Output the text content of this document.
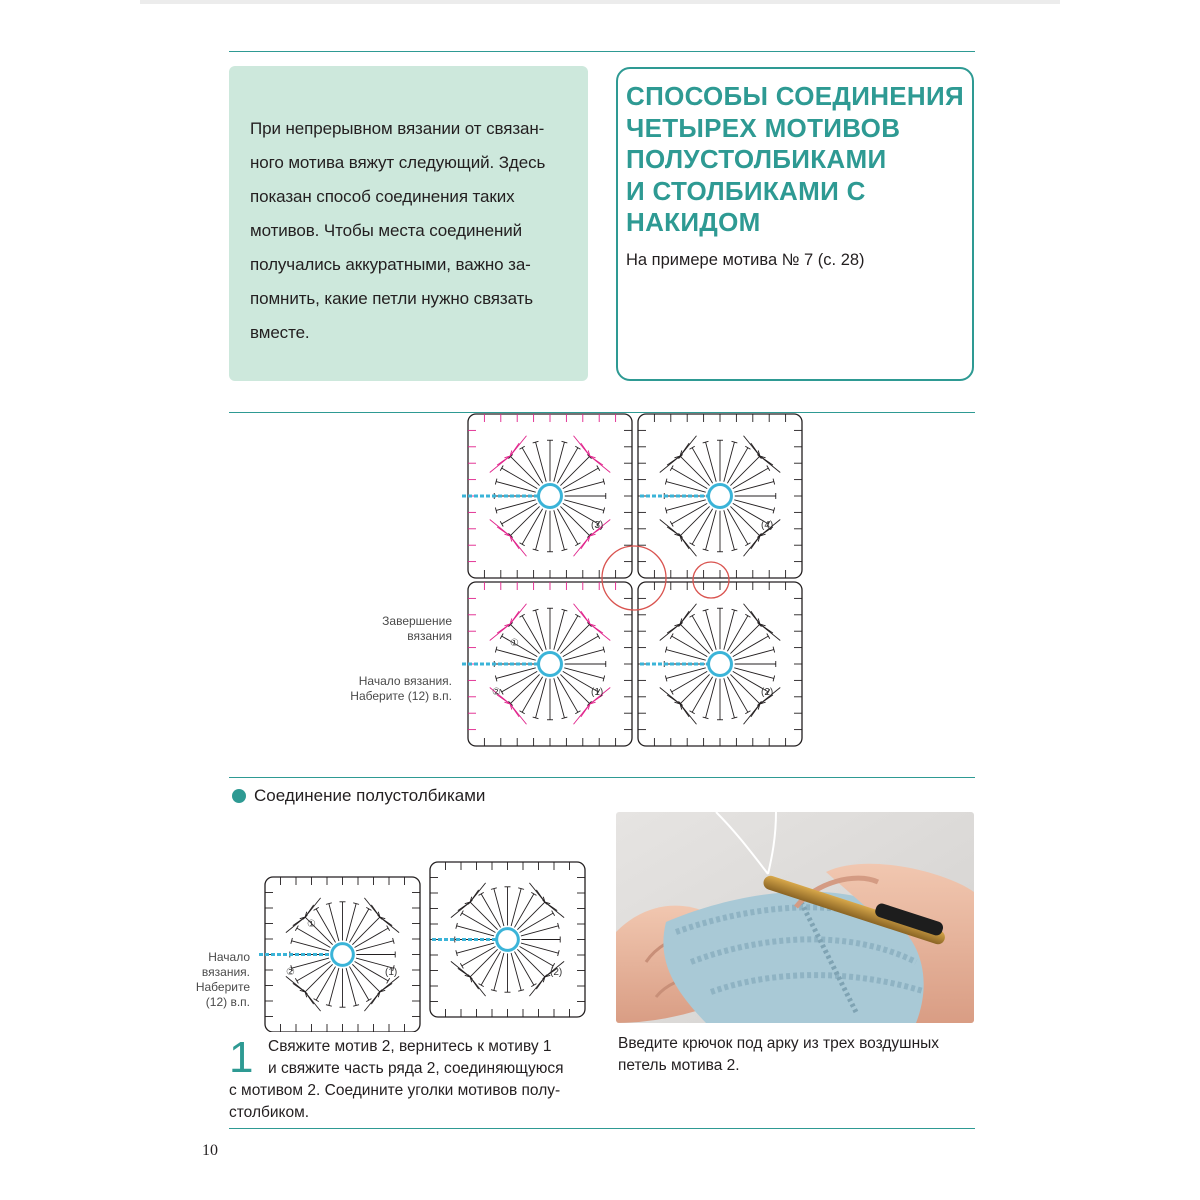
При непрерывном вязании от связан-
ного мотива вяжут следующий. Здесь
показан способ соединения таких
мотивов. Чтобы места соединений
получались аккуратными, важно за-
помнить, какие петли нужно связать
вместе.
СПОСОБЫ СОЕДИНЕНИЯ
ЧЕТЫРЕХ МОТИВОВ
ПОЛУСТОЛБИКАМИ
И СТОЛБИКАМИ С НАКИДОМ
На примере мотива № 7 (с. 28)
(3)	(4)
(1)	(2)
①
②
Завершение
вязания
Начало вязания.
Наберите (12) в.п.
Соединение полустолбиками
(1)	(2)
①
②
Начало
вязания.
Наберите
(12) в.п.
1 Свяжите мотив 2, вернитесь к мотиву 1
и свяжите часть ряда 2, соединяющуюся
с мотивом 2. Соедините уголки мотивов полу-
столбиком.
Введите крючок под арку из трех воздушных
петель мотива 2.
10
